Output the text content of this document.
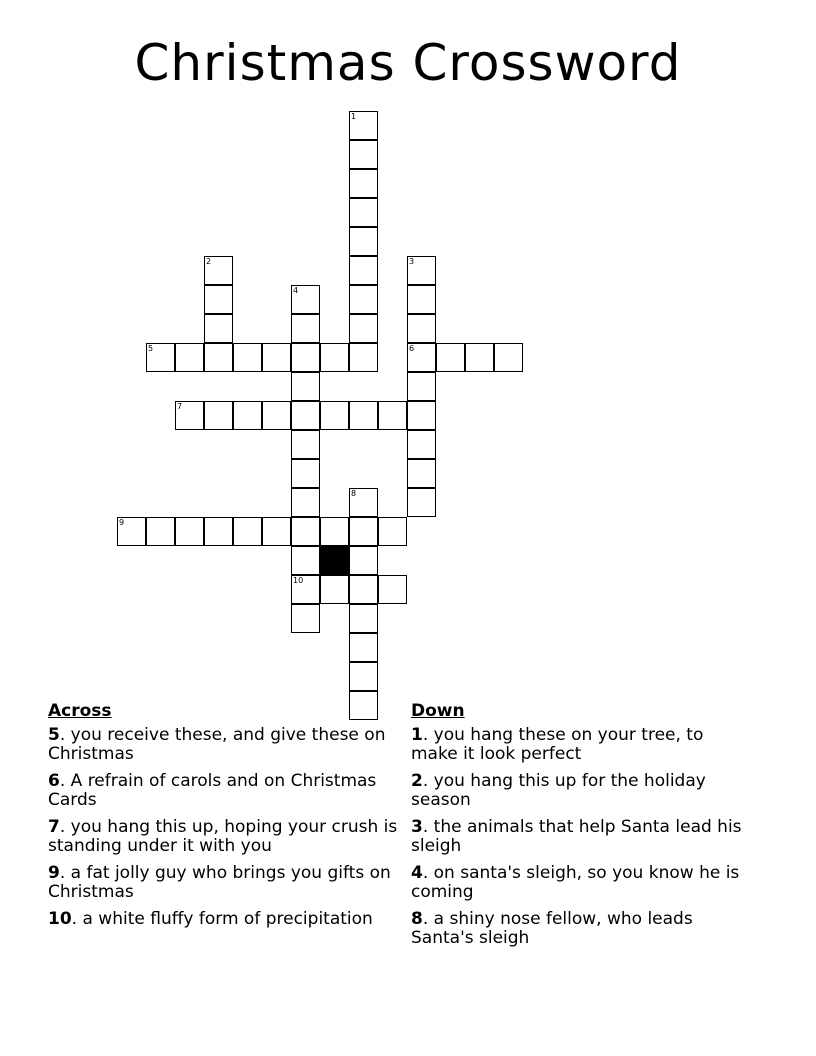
Christmas Crossword
1
2	3
6
4
10
5
7
8
9
Across
5. you receive these, and give these on Christmas
6. A refrain of carols and on Christmas Cards
7. you hang this up, hoping your crush is standing under it with you
9. a fat jolly guy who brings you gifts on Christmas
10. a white fluffy form of precipitation
Down
1. you hang these on your tree, to make it look perfect
2. you hang this up for the holiday season
3. the animals that help Santa lead his sleigh
4. on santa's sleigh, so you know he is coming
8. a shiny nose fellow, who leads Santa's sleigh
